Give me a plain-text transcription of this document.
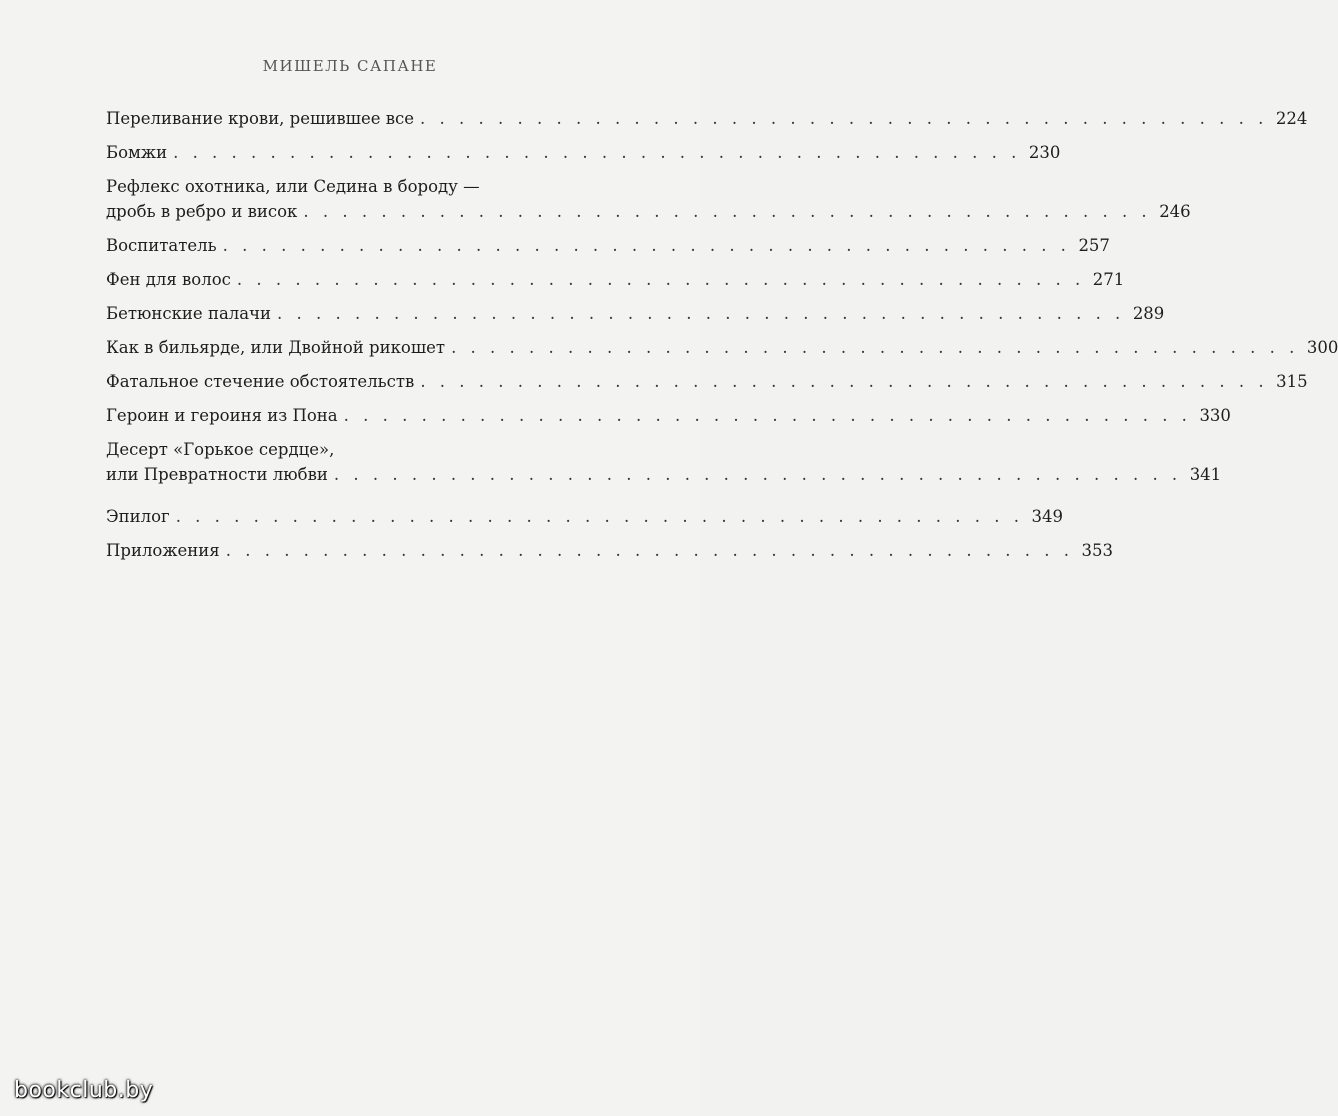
МИШЕЛЬ САПАНЕ
Переливание крови, решившее все . . . . . . . . . . . . . . . . . . . . . . . . . . . . . . . . . . . . . . . . . . . . 224
Бомжи . . . . . . . . . . . . . . . . . . . . . . . . . . . . . . . . . . . . . . . . . . . . 230
Рефлекс охотника, или Седина в бороду —
дробь в ребро и висок . . . . . . . . . . . . . . . . . . . . . . . . . . . . . . . . . . . . . . . . . . . . 246
Воспитатель . . . . . . . . . . . . . . . . . . . . . . . . . . . . . . . . . . . . . . . . . . . . 257
Фен для волос . . . . . . . . . . . . . . . . . . . . . . . . . . . . . . . . . . . . . . . . . . . . 271
Бетюнские палачи . . . . . . . . . . . . . . . . . . . . . . . . . . . . . . . . . . . . . . . . . . . . 289
Как в бильярде, или Двойной рикошет . . . . . . . . . . . . . . . . . . . . . . . . . . . . . . . . . . . . . . . . . . . . 300
Фатальное стечение обстоятельств . . . . . . . . . . . . . . . . . . . . . . . . . . . . . . . . . . . . . . . . . . . . 315
Героин и героиня из Пона . . . . . . . . . . . . . . . . . . . . . . . . . . . . . . . . . . . . . . . . . . . . 330
Десерт «Горькое сердце»,
или Превратности любви . . . . . . . . . . . . . . . . . . . . . . . . . . . . . . . . . . . . . . . . . . . . 341
Эпилог . . . . . . . . . . . . . . . . . . . . . . . . . . . . . . . . . . . . . . . . . . . . 349
Приложения . . . . . . . . . . . . . . . . . . . . . . . . . . . . . . . . . . . . . . . . . . . . 353
bookclub.by
